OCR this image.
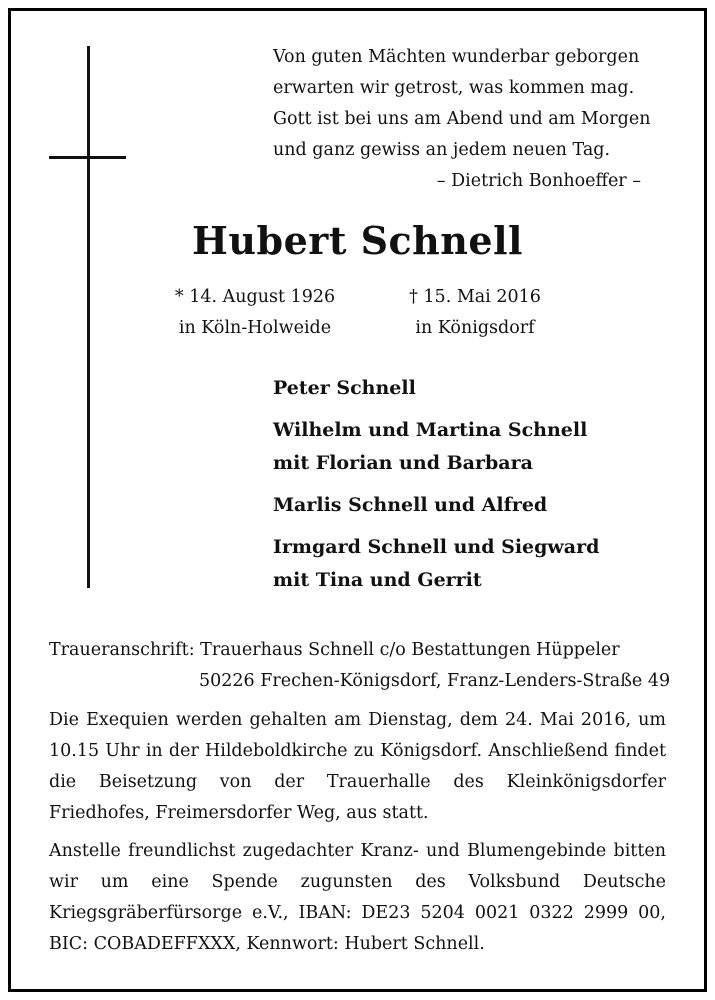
Von guten Mächten wunderbar geborgen
erwarten wir getrost, was kommen mag.
Gott ist bei uns am Abend und am Morgen
und ganz gewiss an jedem neuen Tag.
– Dietrich Bonhoeffer –
Hubert Schnell
* 14. August 1926
in Köln-Holweide
† 15. Mai 2016
in Königsdorf
Peter Schnell
Wilhelm und Martina Schnell
mit Florian und Barbara
Marlis Schnell und Alfred
Irmgard Schnell und Siegward
mit Tina und Gerrit
Traueranschrift: Trauerhaus Schnell c/o Bestattungen Hüppeler
50226 Frechen-Königsdorf, Franz-Lenders-Straße 49
Die Exequien werden gehalten am Dienstag, dem 24. Mai 2016, um 10.15 Uhr in der Hildeboldkirche zu Königsdorf. Anschließend findet die Beisetzung von der Trauerhalle des Kleinkönigsdorfer Friedhofes, Freimersdorfer Weg, aus statt.
Anstelle freundlichst zugedachter Kranz- und Blumengebinde bitten wir um eine Spende zugunsten des Volksbund Deutsche Kriegsgräberfürsorge e.V., IBAN: DE23 5204 0021 0322 2999 00, BIC: COBADEFFXXX, Kennwort: Hubert Schnell.
